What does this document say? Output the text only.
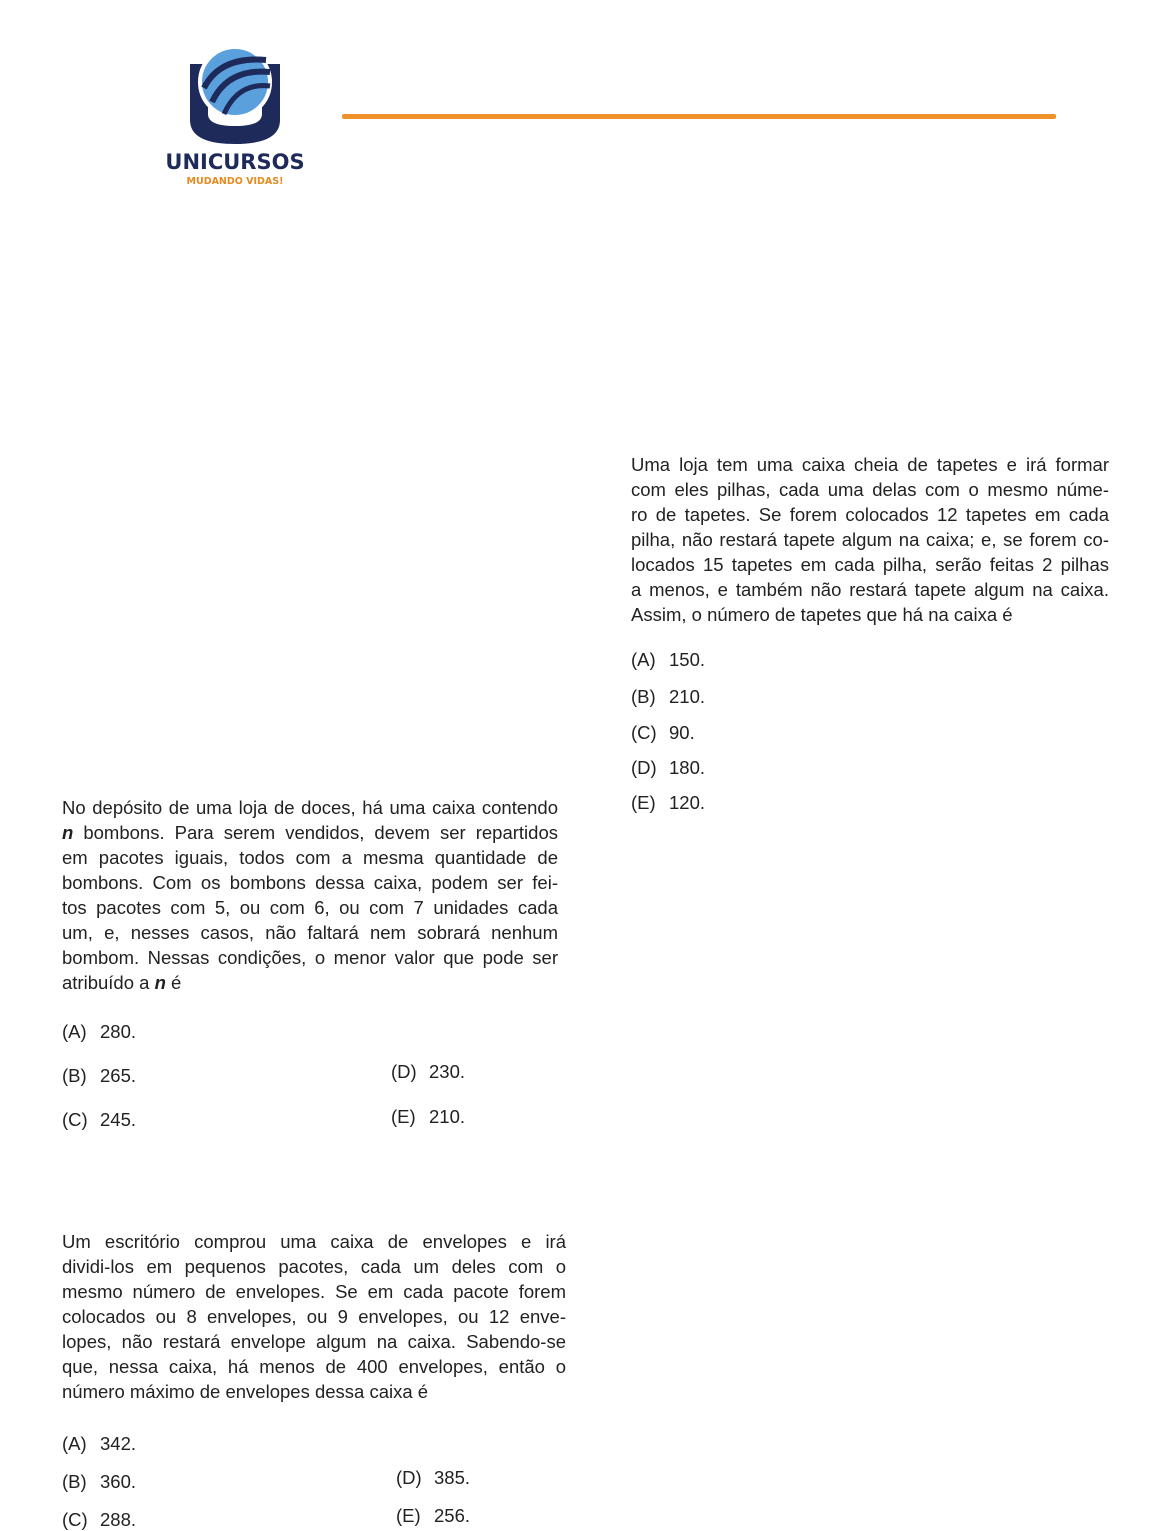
UNICURSOS
MUDANDO VIDAS!
Uma loja tem uma caixa cheia de tapetes e irá formar
com eles pilhas, cada uma delas com o mesmo núme-
ro de tapetes. Se forem colocados 12 tapetes em cada
pilha, não restará tapete algum na caixa; e, se forem co-
locados 15 tapetes em cada pilha, serão feitas 2 pilhas
a menos, e também não restará tapete algum na caixa.
Assim, o número de tapetes que há na caixa é
(A) 150.
(B) 210.
(C) 90.
(D) 180.
(E) 120.
No depósito de uma loja de doces, há uma caixa contendo
n bombons. Para serem vendidos, devem ser repartidos
em pacotes iguais, todos com a mesma quantidade de
bombons. Com os bombons dessa caixa, podem ser fei-
tos pacotes com 5, ou com 6, ou com 7 unidades cada
um, e, nesses casos, não faltará nem sobrará nenhum
bombom. Nessas condições, o menor valor que pode ser
atribuído a n é
(A) 280.
(B) 265.
(C) 245.
(D) 230.
(E) 210.
Um escritório comprou uma caixa de envelopes e irá
dividi-los em pequenos pacotes, cada um deles com o
mesmo número de envelopes. Se em cada pacote forem
colocados ou 8 envelopes, ou 9 envelopes, ou 12 enve-
lopes, não restará envelope algum na caixa. Sabendo-se
que, nessa caixa, há menos de 400 envelopes, então o
número máximo de envelopes dessa caixa é
(A) 342.
(B) 360.
(C) 288.
(D) 385.
(E) 256.
